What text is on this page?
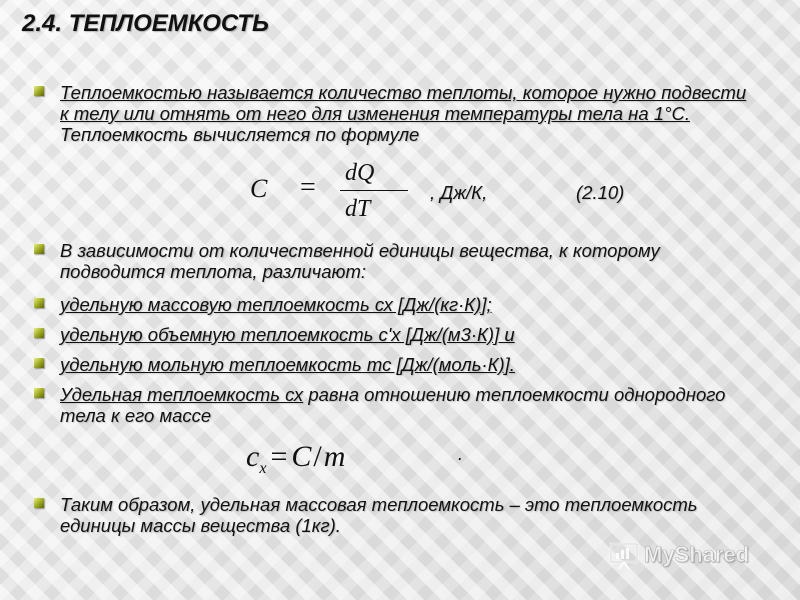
2.4. ТЕПЛОЕМКОСТЬ
Теплоемкостью называется количество теплоты, которое нужно подвести к телу или отнять от него для изменения температуры тела на 1°С. Теплоемкость вычисляется по формуле
C = dQ
dT
, Дж/К,	(2.10)
В зависимости от количественной единицы вещества, к которому подводится теплота, различают:
удельную массовую теплоемкость сх [Дж/(кг·К)];
удельную объемную теплоемкость с'х [Дж/(м3·К)] и
удельную мольную теплоемкость тс [Дж/(моль·К)].
Удельная теплоемкость сх равна отношению теплоемкости однородного тела к его массе
$c_x = C/m$	.
Таким образом, удельная массовая теплоемкость – это теплоемкость единицы массы вещества (1кг).
MyShared
